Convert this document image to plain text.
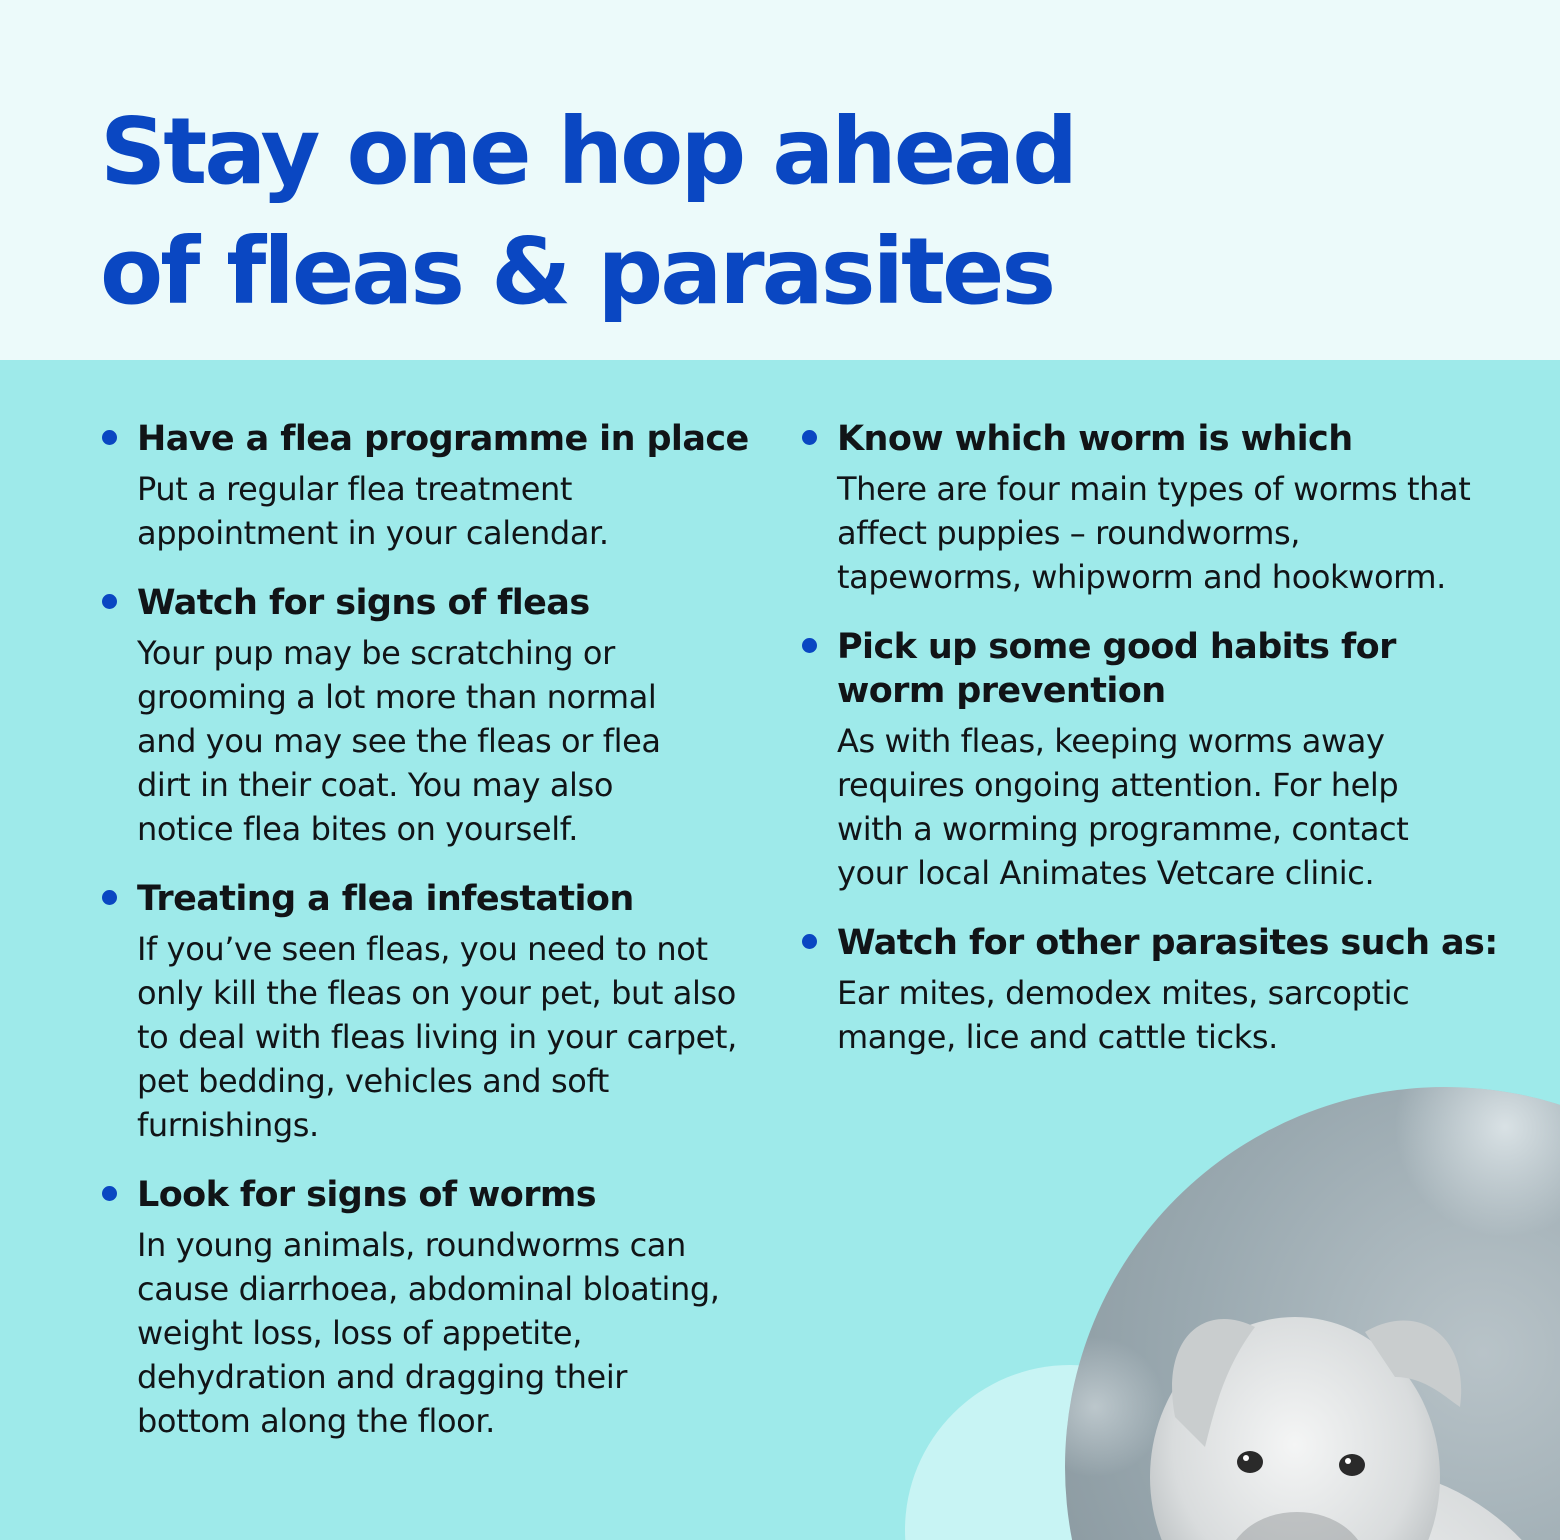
Stay one hop ahead
of fleas & parasites
Have a flea programme in place

Put a regular flea treatment appointment in your calendar.

Watch for signs of fleas

Your pup may be scratching or grooming a lot more than normal and you may see the fleas or flea dirt in their coat. You may also notice flea bites on yourself.

Treating a flea infestation

If you’ve seen fleas, you need to not only kill the fleas on your pet, but also to deal with fleas living in your carpet, pet bedding, vehicles and soft furnishings.

Look for signs of worms

In young animals, roundworms can cause diarrhoea, abdominal bloating, weight loss, loss of appetite, dehydration and dragging their bottom along the floor.

Know which worm is which

There are four main types of worms that affect puppies – roundworms, tapeworms, whipworm and hookworm.

Pick up some good habits for worm prevention

As with fleas, keeping worms away requires ongoing attention. For help with a worming programme, contact your local Animates Vetcare clinic.

Watch for other parasites such as:

Ear mites, demodex mites, sarcoptic mange, lice and cattle ticks.
